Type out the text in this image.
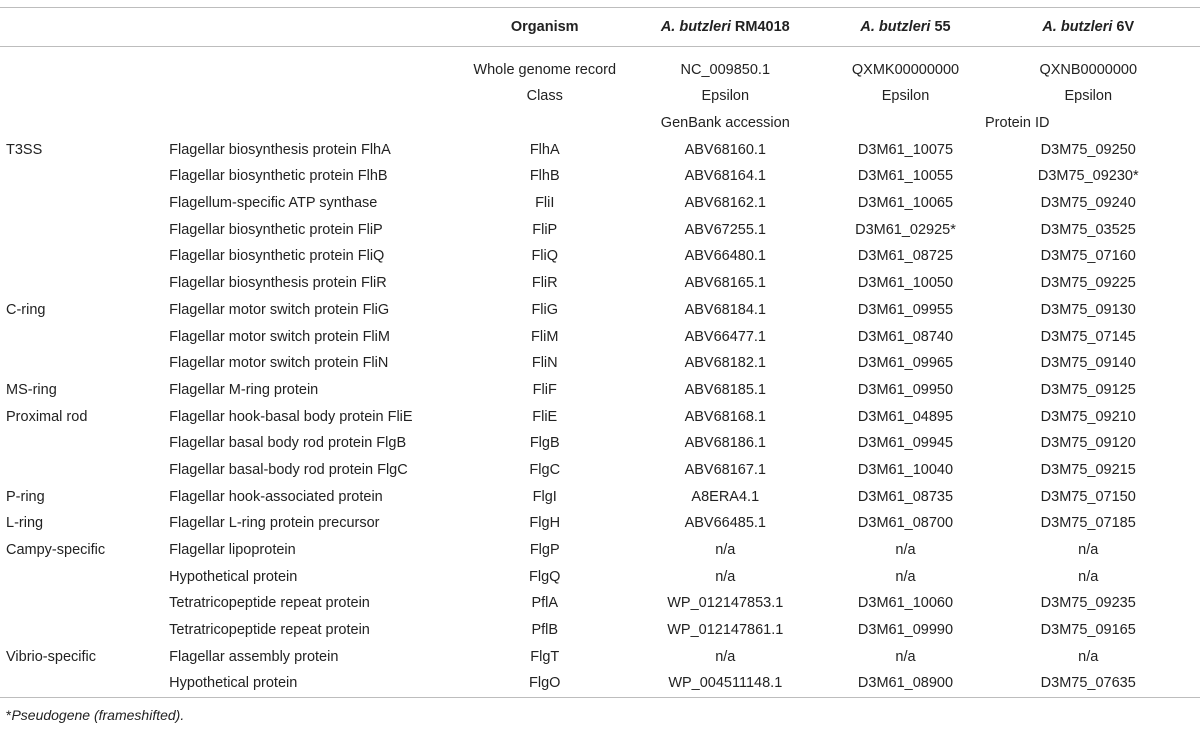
		Organism	A. butzleri RM4018	A. butzleri 55	A. butzleri 6V
		Whole genome record	NC_009850.1	QXMK00000000	QXNB0000000
		Class	Epsilon	Epsilon	Epsilon
			GenBank accession	Protein ID	
T3SS	Flagellar biosynthesis protein FlhA	FlhA	ABV68160.1	D3M61_10075	D3M75_09250
	Flagellar biosynthetic protein FlhB	FlhB	ABV68164.1	D3M61_10055	D3M75_09230*
	Flagellum-specific ATP synthase	FliI	ABV68162.1	D3M61_10065	D3M75_09240
	Flagellar biosynthetic protein FliP	FliP	ABV67255.1	D3M61_02925*	D3M75_03525
	Flagellar biosynthetic protein FliQ	FliQ	ABV66480.1	D3M61_08725	D3M75_07160
	Flagellar biosynthesis protein FliR	FliR	ABV68165.1	D3M61_10050	D3M75_09225
C-ring	Flagellar motor switch protein FliG	FliG	ABV68184.1	D3M61_09955	D3M75_09130
	Flagellar motor switch protein FliM	FliM	ABV66477.1	D3M61_08740	D3M75_07145
	Flagellar motor switch protein FliN	FliN	ABV68182.1	D3M61_09965	D3M75_09140
MS-ring	Flagellar M-ring protein	FliF	ABV68185.1	D3M61_09950	D3M75_09125
Proximal rod	Flagellar hook-basal body protein FliE	FliE	ABV68168.1	D3M61_04895	D3M75_09210
	Flagellar basal body rod protein FlgB	FlgB	ABV68186.1	D3M61_09945	D3M75_09120
	Flagellar basal-body rod protein FlgC	FlgC	ABV68167.1	D3M61_10040	D3M75_09215
P-ring	Flagellar hook-associated protein	FlgI	A8ERA4.1	D3M61_08735	D3M75_07150
L-ring	Flagellar L-ring protein precursor	FlgH	ABV66485.1	D3M61_08700	D3M75_07185
Campy-specific	Flagellar lipoprotein	FlgP	n/a	n/a	n/a
	Hypothetical protein	FlgQ	n/a	n/a	n/a
	Tetratricopeptide repeat protein	PflA	WP_012147853.1	D3M61_10060	D3M75_09235
	Tetratricopeptide repeat protein	PflB	WP_012147861.1	D3M61_09990	D3M75_09165
Vibrio-specific	Flagellar assembly protein	FlgT	n/a	n/a	n/a
	Hypothetical protein	FlgO	WP_004511148.1	D3M61_08900	D3M75_07635
*Pseudogene (frameshifted).
